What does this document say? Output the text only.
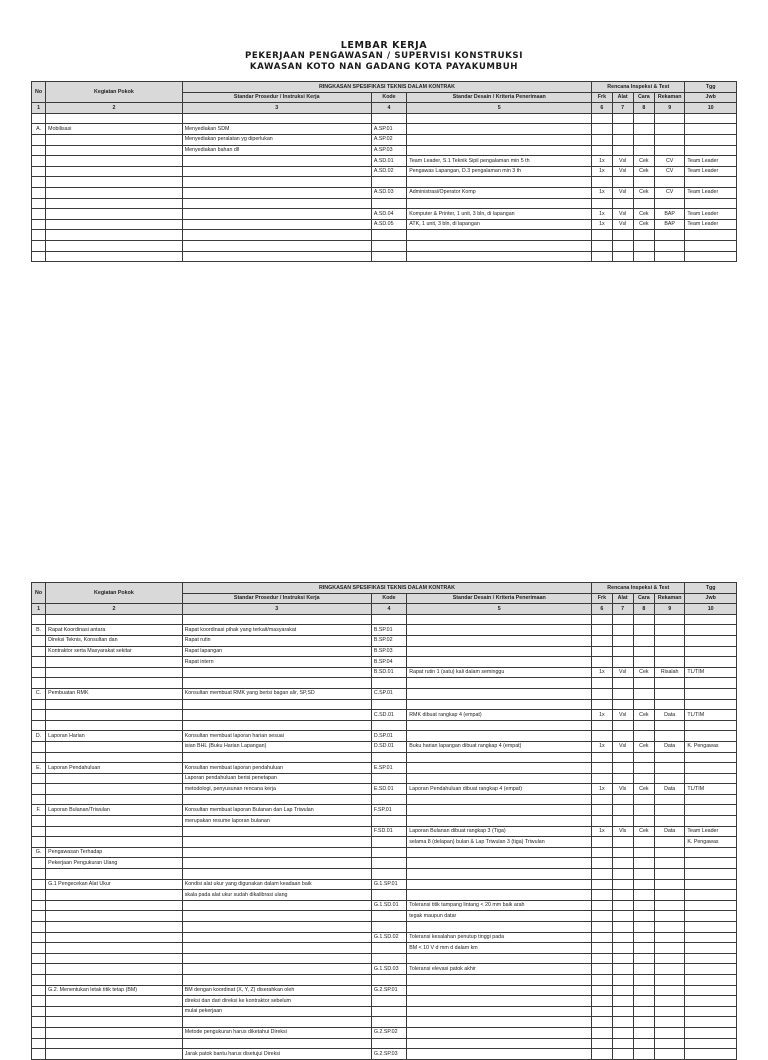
LEMBAR KERJA
PEKERJAAN PENGAWASAN / SUPERVISI KONSTRUKSI
KAWASAN KOTO NAN GADANG KOTA PAYAKUMBUH
No	Kegiatan Pokok	RINGKASAN SPESIFIKASI TEKNIS DALAM KONTRAK			Rencana Inspeksi & Test				Tgg
		Standar Prosedur / Instruksi Kerja	Kode	Standar Desain / Kriteria Penerimaan	Frk	Alat	Cara	Rekaman	Jwb
1	2	3	4	5	6	7	8	9	10

A.	Mobilisasi	Menyediakan SDM	A.SP.01						
		Menyediakan peralatan yg diperlukan	A.SP.02						
		Menyediakan bahan dll	A.SP.03						
			A.SD.01	Team Leader, S.1 Teknik Sipil pengalaman min 5 th	1x	Vsl	Cek	CV	Team Leader
			A.SD.02	Pengawas Lapangan, D.3 pengalaman min 3 th	1x	Vsl	Cek	CV	Team Leader

			A.SD.03	Administrasi/Operator Komp	1x	Vsl	Cek	CV	Team Leader

			A.SD.04	Komputer & Printer, 1 unit, 3 bln, di lapangan	1x	Vsl	Cek	BAP	Team Leader
			A.SD.05	ATK, 1 unit, 3 bln, di lapangan	1x	Vsl	Cek	BAP	Team Leader

No	Kegiatan Pokok	RINGKASAN SPESIFIKASI TEKNIS DALAM KONTRAK			Rencana Inspeksi & Test				Tgg
		Standar Prosedur / Instruksi Kerja	Kode	Standar Desain / Kriteria Penerimaan	Frk	Alat	Cara	Rekaman	Jwb
1	2	3	4	5	6	7	8	9	10

B.	Rapat Koordinasi antara	Rapat koordinasi pihak yang terkait/masyarakat	B.SP.01						
	Direksi Teknis, Konsultan dan	Rapat rutin	B.SP.02						
	Kontraktor serta Masyarakat sekitar	Rapat lapangan	B.SP.03						
		Rapat intern	B.SP.04						
			B.SD.01	Rapat rutin 1 (satu) kali dalam seminggu	1x	Vsl	Cek	Risalah	TL/TIM

C.	Pembuatan RMK	Konsultan membuat RMK yang berisi bagan alir, SP,SD	C.SP.01						

			C.SD.01	RMK dibuat rangkap 4 (empat)	1x	Vsl	Cek	Data	TL/TIM

D.	Laporan Harian	Konsultan membuat laporan harian sesuai	D.SP.01						
		isian BHL (Buku Harian Lapangan)	D.SD.01	Buku harian lapangan dibuat rangkap 4 (empat)	1x	Vsl	Cek	Data	K. Pengawas

E.	Laporan Pendahuluan	Konsultan membuat laporan pendahuluan	E.SP.01						
		Laporan pendahuluan berisi penetapan							
		metodologi, penyusunan rencana kerja	E.SD.01	Laporan Pendahuluan dibuat rangkap 4 (empat)	1x	Vls	Cek	Data	TL/TIM

F.	Laporan Bulanan/Triwulan	Konsultan membuat laporan Bulanan dan Lap Triwulan	F.SP.01						
		merupakan resume laporan bulanan							
			F.SD.01	Laporan Bulanan dibuat rangkap 3 (Tiga)	1x	Vls	Cek	Data	Team Leader
				selama 8 (delapan) bulan & Lap Triwulan 3 (tiga) Triwulan					K. Pengawas
G.	Pengawasan Terhadap								
	Pekerjaan Pengukuran Ulang								

	G.1 Pengecekan Alat Ukur	Kondisi alat ukur yang digunakan dalam keadaan baik	G.1.SP.01						
		skala pada alat ukur sudah dikalibrasi ulang							
			G.1.SD.01	Toleransi titik tampang lintang < 20 mm baik arah					
				tegak maupun datar					

			G.1.SD.02	Toleransi kesalahan penutup tinggi pada					
				BM < 10 V d mm d dalam km					

			G.1.SD.03	Toleransi elevasi patok akhir					

	G.2. Menentukan letak titik tetap (BM)	BM dengan koordinat (X, Y, Z) diserahkan oleh	G.2.SP.01						
		direksi dan dari direksi ke kontraktor sebelum							
		mulai pekerjaan							

		Metode pengukuran harus diketahui Direksi	G.2.SP.02						

		Jarak patok bantu harus disetujui Direksi	G.2.SP.03						
